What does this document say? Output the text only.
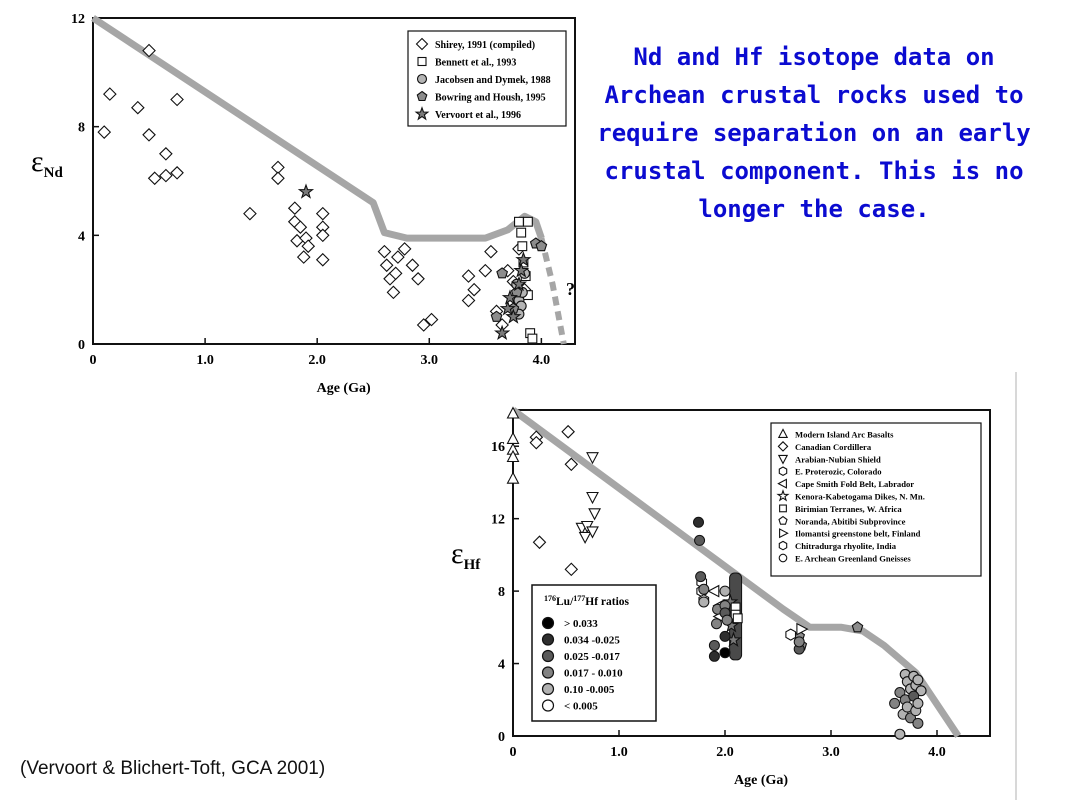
0	1.0	2.0	3.0	4.0
0
4
8
12
Age (Ga)
$\varepsilon_{Nd}$
?
Shirey, 1991 (compiled)
Bennett et al., 1993
Jacobsen and Dymek, 1988
Bowring and Housh, 1995
Vervoort et al., 1996
0	1.0	2.0	3.0	4.0
0
4
8
12
16
Age (Ga)
$\varepsilon_{Hf}$
Modern Island Arc Basalts
Canadian Cordillera
Arabian-Nubian Shield
E. Proterozic, Colorado
Cape Smith Fold Belt, Labrador
Kenora-Kabetogama Dikes, N. Mn.
Birimian Terranes, W. Africa
Noranda, Abitibi Subprovince
Ilomantsi greenstone belt, Finland
Chitradurga rhyolite, India
E. Archean Greenland Gneisses
$^{176}$Lu/$^{177}$Hf ratios
> 0.033
0.034 -0.025
0.025 -0.017
0.017 - 0.010
0.10 -0.005
< 0.005
Nd and Hf isotope data on Archean crustal rocks used to require separation on an early crustal component. This is no longer the case.
(Vervoort & Blichert-Toft, GCA 2001)
